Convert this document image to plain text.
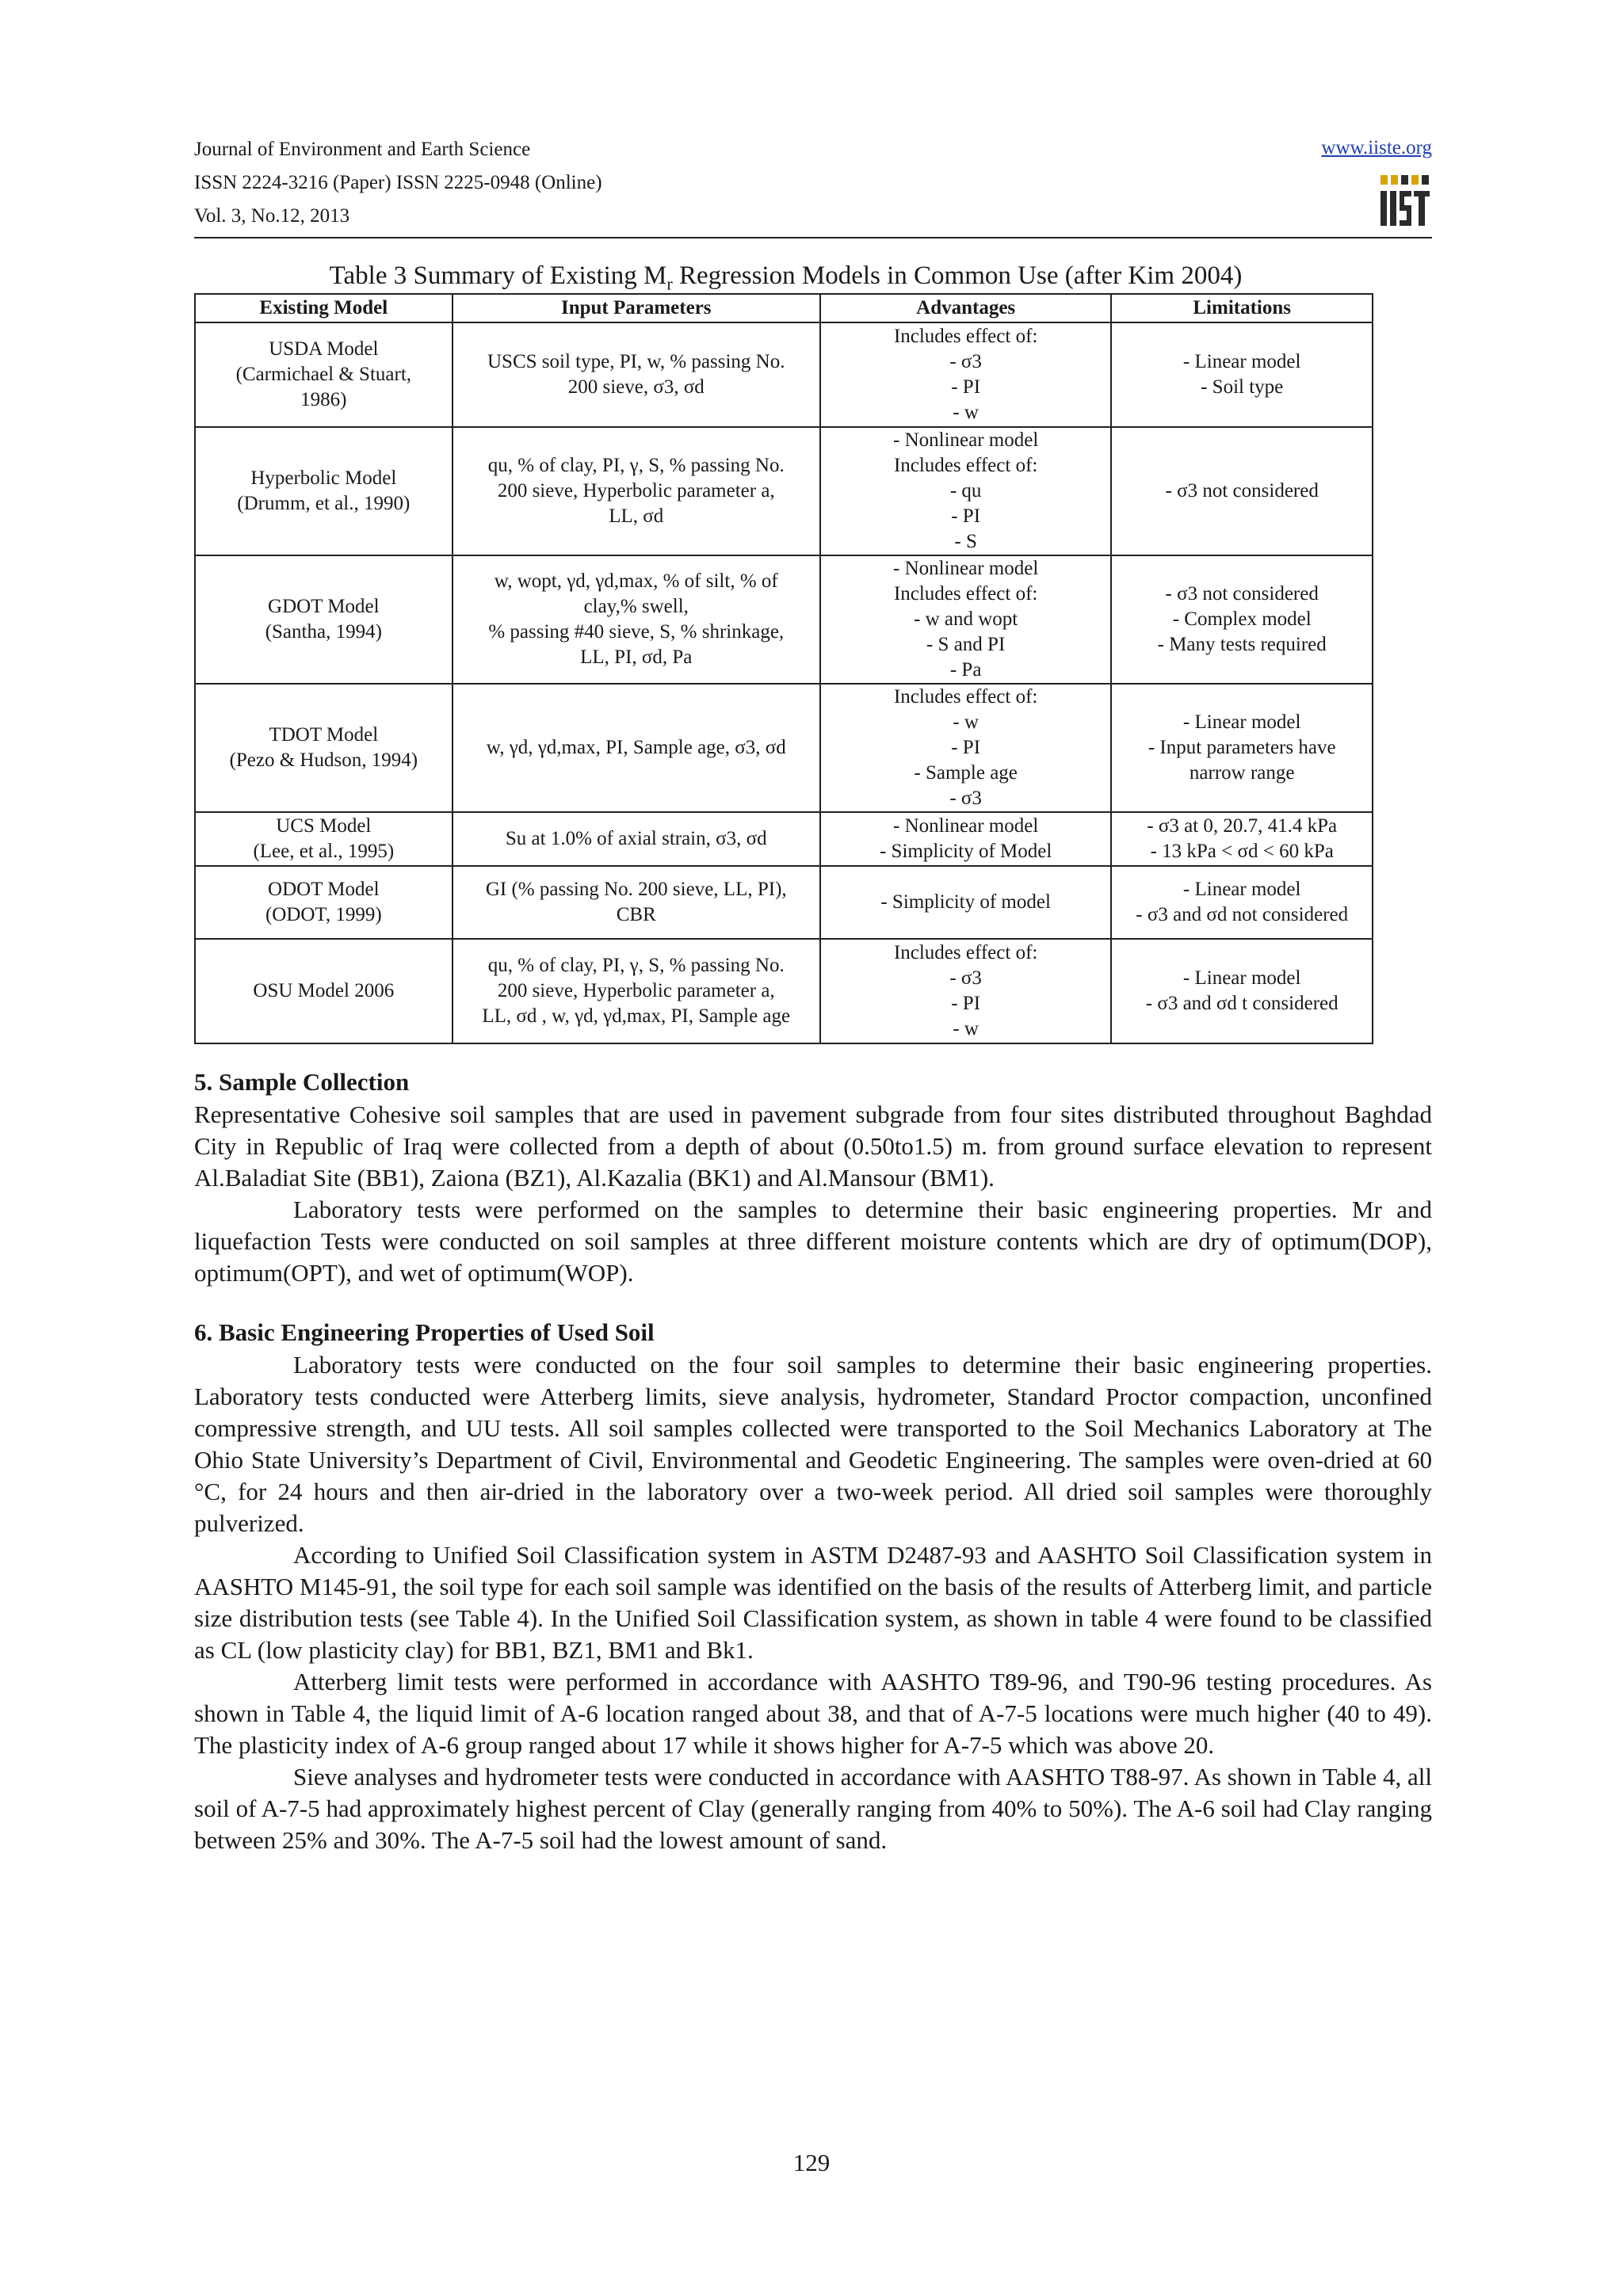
Journal of Environment and Earth Science
ISSN 2224-3216 (Paper) ISSN 2225-0948 (Online)
Vol. 3, No.12, 2013
www.iiste.org
Table 3 Summary of Existing $M_r$ Regression Models in Common Use (after Kim 2004)
Existing Model	Input Parameters	Advantages	Limitations

USDA Model
(Carmichael & Stuart,
1986)	USCS soil type, PI, w, % passing No.
200 sieve, σ3, σd	Includes effect of:
- σ3
- PI
- w	- Linear model
- Soil type

Hyperbolic Model
(Drumm, et al., 1990)	qu, % of clay, PI, γ, S, % passing No.
200 sieve, Hyperbolic parameter a,
LL, σd	- Nonlinear model
Includes effect of:
- qu
- PI
- S	- σ3 not considered

GDOT Model
(Santha, 1994)	w, wopt, γd, γd,max, % of silt, % of
clay,% swell,
% passing #40 sieve, S, % shrinkage,
LL, PI, σd, Pa	- Nonlinear model
Includes effect of:
- w and wopt
- S and PI
- Pa	- σ3 not considered
- Complex model
- Many tests required

TDOT Model
(Pezo & Hudson, 1994)	w, γd, γd,max, PI, Sample age, σ3, σd	Includes effect of:
- w
- PI
- Sample age
- σ3	- Linear model
- Input parameters have
narrow range

UCS Model
(Lee, et al., 1995)	Su at 1.0% of axial strain, σ3, σd	- Nonlinear model
- Simplicity of Model	- σ3 at 0, 20.7, 41.4 kPa
- 13 kPa < σd < 60 kPa

ODOT Model
(ODOT, 1999)	GI (% passing No. 200 sieve, LL, PI),
CBR	- Simplicity of model	- Linear model
- σ3 and σd not considered

OSU Model 2006	qu, % of clay, PI, γ, S, % passing No.
200 sieve, Hyperbolic parameter a,
LL, σd , w, γd, γd,max, PI, Sample age	Includes effect of:
- σ3
- PI
- w	- Linear model
- σ3 and σd t considered
5. Sample Collection

Representative Cohesive soil samples that are used in pavement subgrade from four sites distributed throughout Baghdad City in Republic of Iraq were collected from a depth of about (0.50to1.5) m. from ground surface elevation to represent Al.Baladiat Site (BB1), Zaiona (BZ1), Al.Kazalia (BK1) and Al.Mansour (BM1).

Laboratory tests were performed on the samples to determine their basic engineering properties. Mr and liquefaction Tests were conducted on soil samples at three different moisture contents which are dry of optimum(DOP), optimum(OPT), and wet of optimum(WOP).

6. Basic Engineering Properties of Used Soil

Laboratory tests were conducted on the four soil samples to determine their basic engineering properties. Laboratory tests conducted were Atterberg limits, sieve analysis, hydrometer, Standard Proctor compaction, unconfined compressive strength, and UU tests. All soil samples collected were transported to the Soil Mechanics Laboratory at The Ohio State University’s Department of Civil, Environmental and Geodetic Engineering. The samples were oven-dried at 60 °C, for 24 hours and then air-dried in the laboratory over a two-week period. All dried soil samples were thoroughly pulverized.

According to Unified Soil Classification system in ASTM D2487-93 and AASHTO Soil Classification system in AASHTO M145-91, the soil type for each soil sample was identified on the basis of the results of Atterberg limit, and particle size distribution tests (see Table 4). In the Unified Soil Classification system, as shown in table 4 were found to be classified as CL (low plasticity clay) for BB1, BZ1, BM1 and Bk1.

Atterberg limit tests were performed in accordance with AASHTO T89-96, and T90-96 testing procedures. As shown in Table 4, the liquid limit of A-6 location ranged about 38, and that of A-7-5 locations were much higher (40 to 49). The plasticity index of A-6 group ranged about 17 while it shows higher for A-7-5 which was above 20.

Sieve analyses and hydrometer tests were conducted in accordance with AASHTO T88-97. As shown in Table 4, all soil of A-7-5 had approximately highest percent of Clay (generally ranging from 40% to 50%). The A-6 soil had Clay ranging between 25% and 30%. The A-7-5 soil had the lowest amount of sand.

129
